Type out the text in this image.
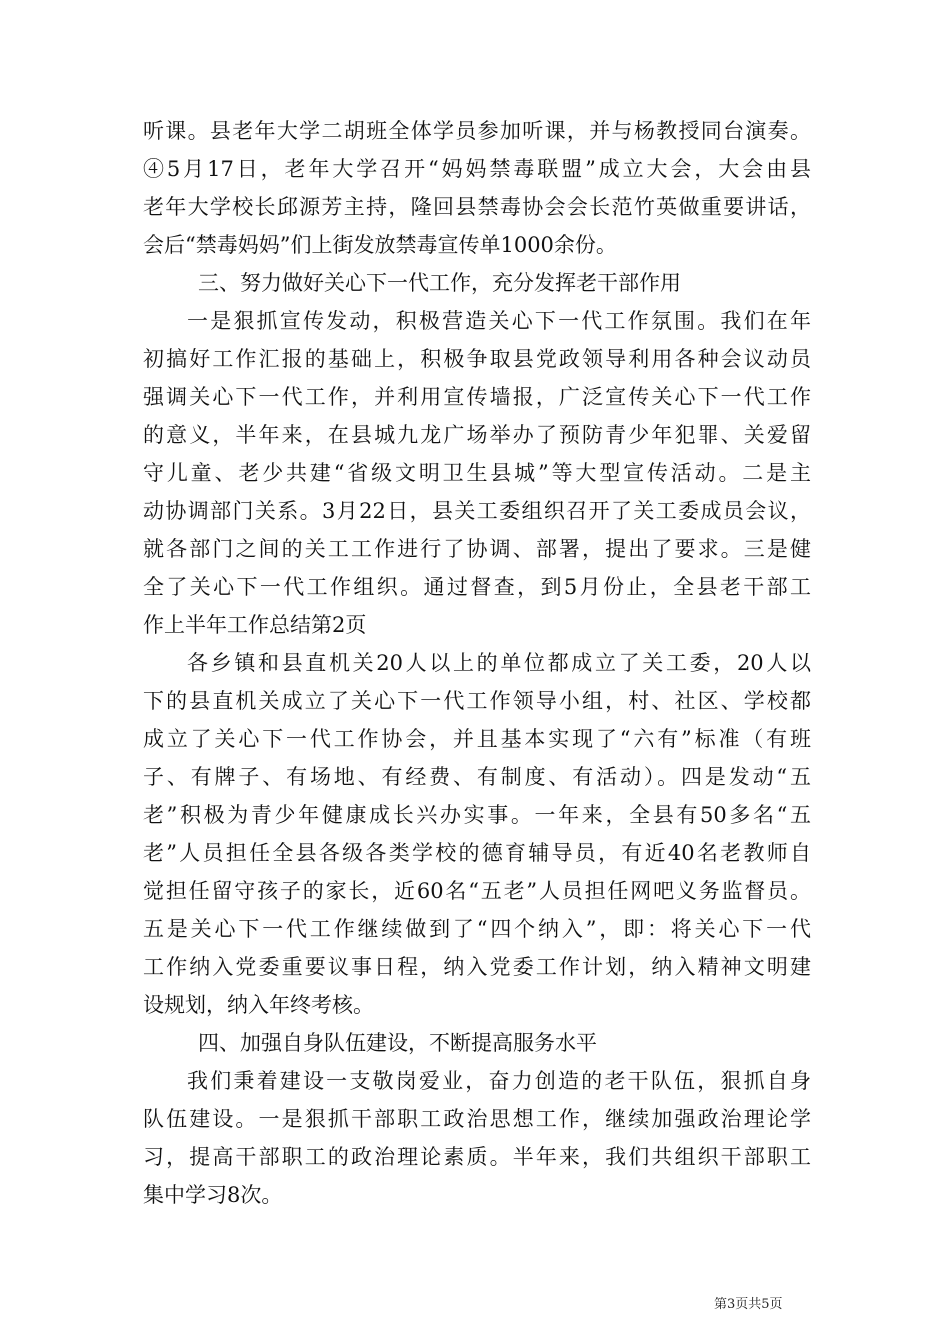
听课。县老年大学二胡班全体学员参加听课，并与杨教授同台演奏。
④5月17日，老年大学召开“妈妈禁毒联盟”成立大会，大会由县
老年大学校长邱源芳主持，隆回县禁毒协会会长范竹英做重要讲话，
会后“禁毒妈妈”们上街发放禁毒宣传单1000余份。
三、努力做好关心下一代工作，充分发挥老干部作用
一是狠抓宣传发动，积极营造关心下一代工作氛围。我们在年
初搞好工作汇报的基础上，积极争取县党政领导利用各种会议动员
强调关心下一代工作，并利用宣传墙报，广泛宣传关心下一代工作
的意义，半年来，在县城九龙广场举办了预防青少年犯罪、关爱留
守儿童、老少共建“省级文明卫生县城”等大型宣传活动。二是主
动协调部门关系。3月22日，县关工委组织召开了关工委成员会议，
就各部门之间的关工工作进行了协调、部署，提出了要求。三是健
全了关心下一代工作组织。通过督查，到5月份止，全县老干部工
作上半年工作总结第2页
各乡镇和县直机关20人以上的单位都成立了关工委，20人以
下的县直机关成立了关心下一代工作领导小组，村、社区、学校都
成立了关心下一代工作协会，并且基本实现了“六有”标准（有班
子、有牌子、有场地、有经费、有制度、有活动）。四是发动“五
老”积极为青少年健康成长兴办实事。一年来，全县有50多名“五
老”人员担任全县各级各类学校的德育辅导员，有近40名老教师自
觉担任留守孩子的家长，近60名“五老”人员担任网吧义务监督员。
五是关心下一代工作继续做到了“四个纳入”，即：将关心下一代
工作纳入党委重要议事日程，纳入党委工作计划，纳入精神文明建
设规划，纳入年终考核。
四、加强自身队伍建设，不断提高服务水平
我们秉着建设一支敬岗爱业，奋力创造的老干队伍，狠抓自身
队伍建设。一是狠抓干部职工政治思想工作，继续加强政治理论学
习，提高干部职工的政治理论素质。半年来，我们共组织干部职工
集中学习8次。
第3页共5页
